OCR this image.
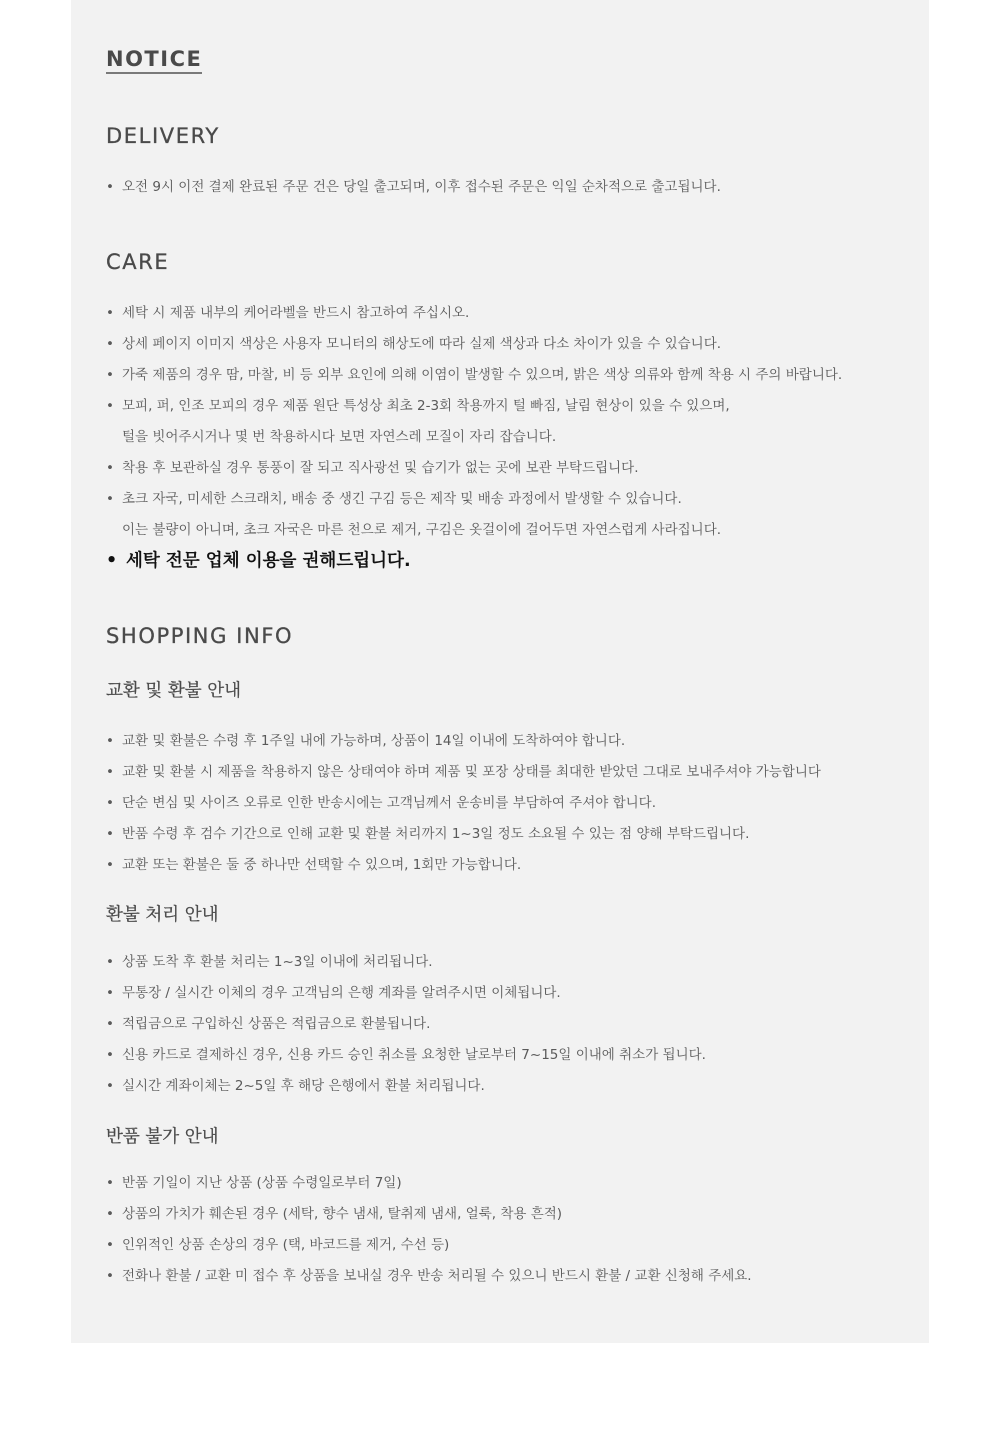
NOTICE
DELIVERY
• 오전 9시 이전 결제 완료된 주문 건은 당일 출고되며, 이후 접수된 주문은 익일 순차적으로 출고됩니다.
CARE
• 세탁 시 제품 내부의 케어라벨을 반드시 참고하여 주십시오.
• 상세 페이지 이미지 색상은 사용자 모니터의 해상도에 따라 실제 색상과 다소 차이가 있을 수 있습니다.
• 가죽 제품의 경우 땀, 마찰, 비 등 외부 요인에 의해 이염이 발생할 수 있으며, 밝은 색상 의류와 함께 착용 시 주의 바랍니다.
• 모피, 퍼, 인조 모피의 경우 제품 원단 특성상 최초 2-3회 착용까지 털 빠짐, 날림 현상이 있을 수 있으며,
털을 빗어주시거나 몇 번 착용하시다 보면 자연스레 모질이 자리 잡습니다.
• 착용 후 보관하실 경우 통풍이 잘 되고 직사광선 및 습기가 없는 곳에 보관 부탁드립니다.
• 초크 자국, 미세한 스크래치, 배송 중 생긴 구김 등은 제작 및 배송 과정에서 발생할 수 있습니다.
이는 불량이 아니며, 초크 자국은 마른 천으로 제거, 구김은 옷걸이에 걸어두면 자연스럽게 사라집니다.
• 세탁 전문 업체 이용을 권해드립니다.
SHOPPING INFO
교환 및 환불 안내
• 교환 및 환불은 수령 후 1주일 내에 가능하며, 상품이 14일 이내에 도착하여야 합니다.
• 교환 및 환불 시 제품을 착용하지 않은 상태여야 하며 제품 및 포장 상태를 최대한 받았던 그대로 보내주셔야 가능합니다
• 단순 변심 및 사이즈 오류로 인한 반송시에는 고객님께서 운송비를 부담하여 주셔야 합니다.
• 반품 수령 후 검수 기간으로 인해 교환 및 환불 처리까지 1~3일 정도 소요될 수 있는 점 양해 부탁드립니다.
• 교환 또는 환불은 둘 중 하나만 선택할 수 있으며, 1회만 가능합니다.
환불 처리 안내
• 상품 도착 후 환불 처리는 1~3일 이내에 처리됩니다.
• 무통장 / 실시간 이체의 경우 고객님의 은행 계좌를 알려주시면 이체됩니다.
• 적립금으로 구입하신 상품은 적립금으로 환불됩니다.
• 신용 카드로 결제하신 경우, 신용 카드 승인 취소를 요청한 날로부터 7~15일 이내에 취소가 됩니다.
• 실시간 계좌이체는 2~5일 후 해당 은행에서 환불 처리됩니다.
반품 불가 안내
• 반품 기일이 지난 상품 (상품 수령일로부터 7일)
• 상품의 가치가 훼손된 경우 (세탁, 향수 냄새, 탈취제 냄새, 얼룩, 착용 흔적)
• 인위적인 상품 손상의 경우 (택, 바코드를 제거, 수선 등)
• 전화나 환불 / 교환 미 접수 후 상품을 보내실 경우 반송 처리될 수 있으니 반드시 환불 / 교환 신청해 주세요.
